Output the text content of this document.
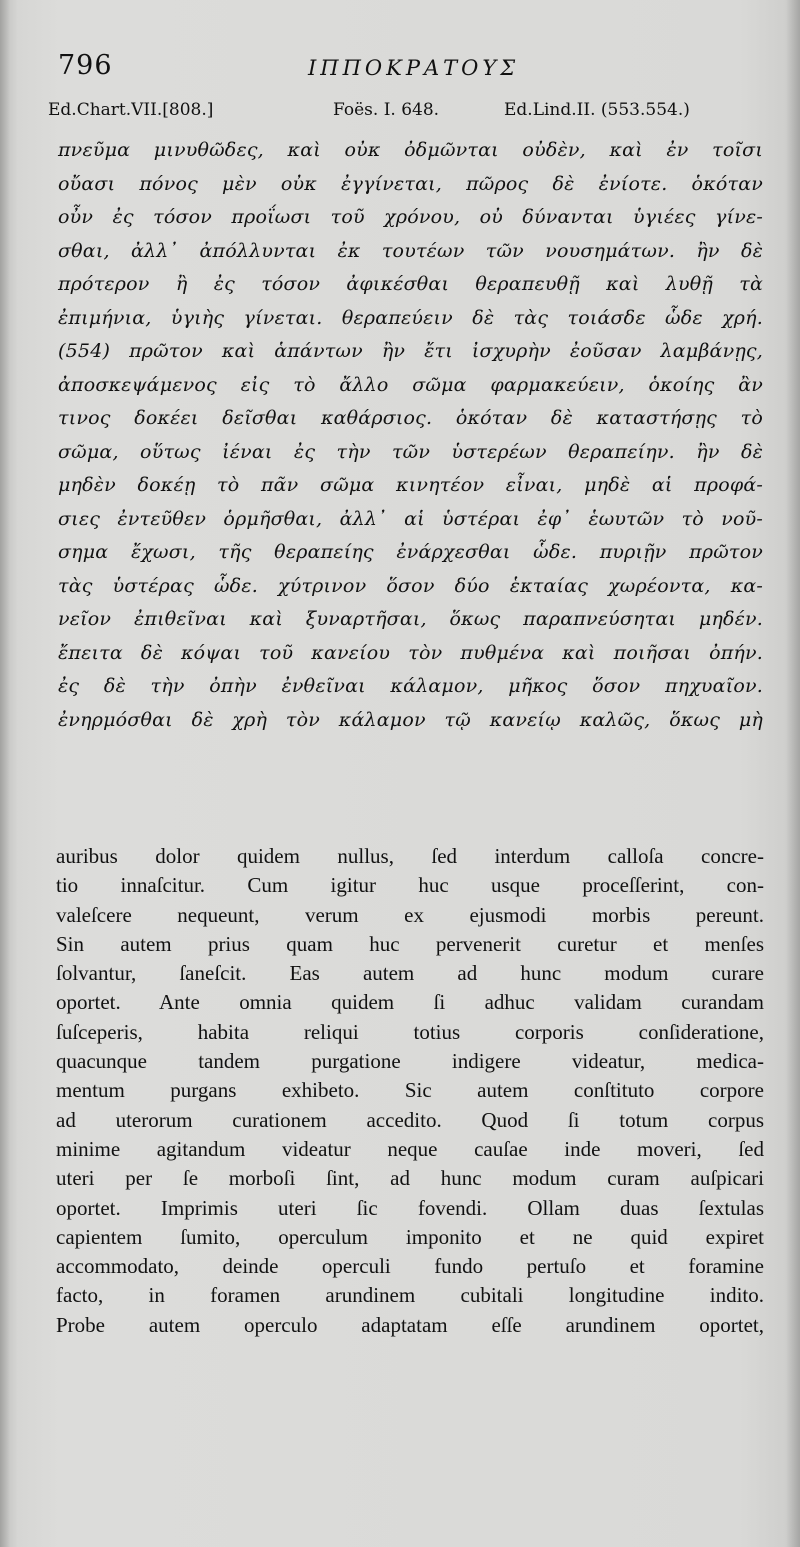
796	ΙΠΠΟΚΡΑΤΟΥΣ
Ed.Chart.VII.[808.]	Foës. I. 648.	Ed.Lind.II. (553.554.)
πνεῦμα μινυθῶδες, καὶ οὐκ ὀδμῶνται οὐδὲν, καὶ ἐν τοῖσι
οὔασι πόνος μὲν οὐκ ἐγγίνεται, πῶρος δὲ ἐνίοτε. ὁκόταν
οὖν ἐς τόσον προΐωσι τοῦ χρόνου, οὐ δύνανται ὑγιέες γίνε-
σθαι, ἀλλ᾽ ἀπόλλυνται ἐκ τουτέων τῶν νουσημάτων. ἢν δὲ
πρότερον ἢ ἐς τόσον ἀφικέσθαι θεραπευθῇ καὶ λυθῇ τὰ
ἐπιμήνια, ὑγιὴς γίνεται. θεραπεύειν δὲ τὰς τοιάσδε ὧδε χρή.
(554) πρῶτον καὶ ἁπάντων ἢν ἔτι ἰσχυρὴν ἐοῦσαν λαμβάνῃς,
ἀποσκεψάμενος εἰς τὸ ἄλλο σῶμα φαρμακεύειν, ὁκοίης ἂν
τινος δοκέει δεῖσθαι καθάρσιος. ὁκόταν δὲ καταστήσῃς τὸ
σῶμα, οὕτως ἰέναι ἐς τὴν τῶν ὑστερέων θεραπείην. ἢν δὲ
μηδὲν δοκέῃ τὸ πᾶν σῶμα κινητέον εἶναι, μηδὲ αἱ προφά-
σιες ἐντεῦθεν ὁρμῆσθαι, ἀλλ᾽ αἱ ὑστέραι ἐφ᾽ ἑωυτῶν τὸ νοῦ-
σημα ἔχωσι, τῆς θεραπείης ἐνάρχεσθαι ὧδε. πυριῇν πρῶτον
τὰς ὑστέρας ὧδε. χύτρινον ὅσον δύο ἑκταίας χωρέοντα, κα-
νεῖον ἐπιθεῖναι καὶ ξυναρτῆσαι, ὅκως παραπνεύσηται μηδέν.
ἔπειτα δὲ κόψαι τοῦ κανείου τὸν πυθμένα καὶ ποιῆσαι ὀπήν.
ἐς δὲ τὴν ὀπὴν ἐνθεῖναι κάλαμον, μῆκος ὅσον πηχυαῖον.
ἐνηρμόσθαι δὲ χρὴ τὸν κάλαμον τῷ κανείῳ καλῶς, ὅκως μὴ
auribus dolor quidem nullus, ſed interdum calloſa concre-
tio innaſcitur. Cum igitur huc usque proceſſerint, con-
valeſcere nequeunt, verum ex ejusmodi morbis pereunt.
Sin autem prius quam huc pervenerit curetur et menſes
ſolvantur, ſaneſcit. Eas autem ad hunc modum curare
oportet. Ante omnia quidem ſi adhuc validam curandam
ſuſceperis, habita reliqui totius corporis conſideratione,
quacunque tandem purgatione indigere videatur, medica-
mentum purgans exhibeto. Sic autem conſtituto corpore
ad uterorum curationem accedito. Quod ſi totum corpus
minime agitandum videatur neque cauſae inde moveri, ſed
uteri per ſe morboſi ſint, ad hunc modum curam auſpicari
oportet. Imprimis uteri ſic fovendi. Ollam duas ſextulas
capientem ſumito, operculum imponito et ne quid expiret
accommodato, deinde operculi fundo pertuſo et foramine
facto, in foramen arundinem cubitali longitudine indito.
Probe autem operculo adaptatam eſſe arundinem oportet,
